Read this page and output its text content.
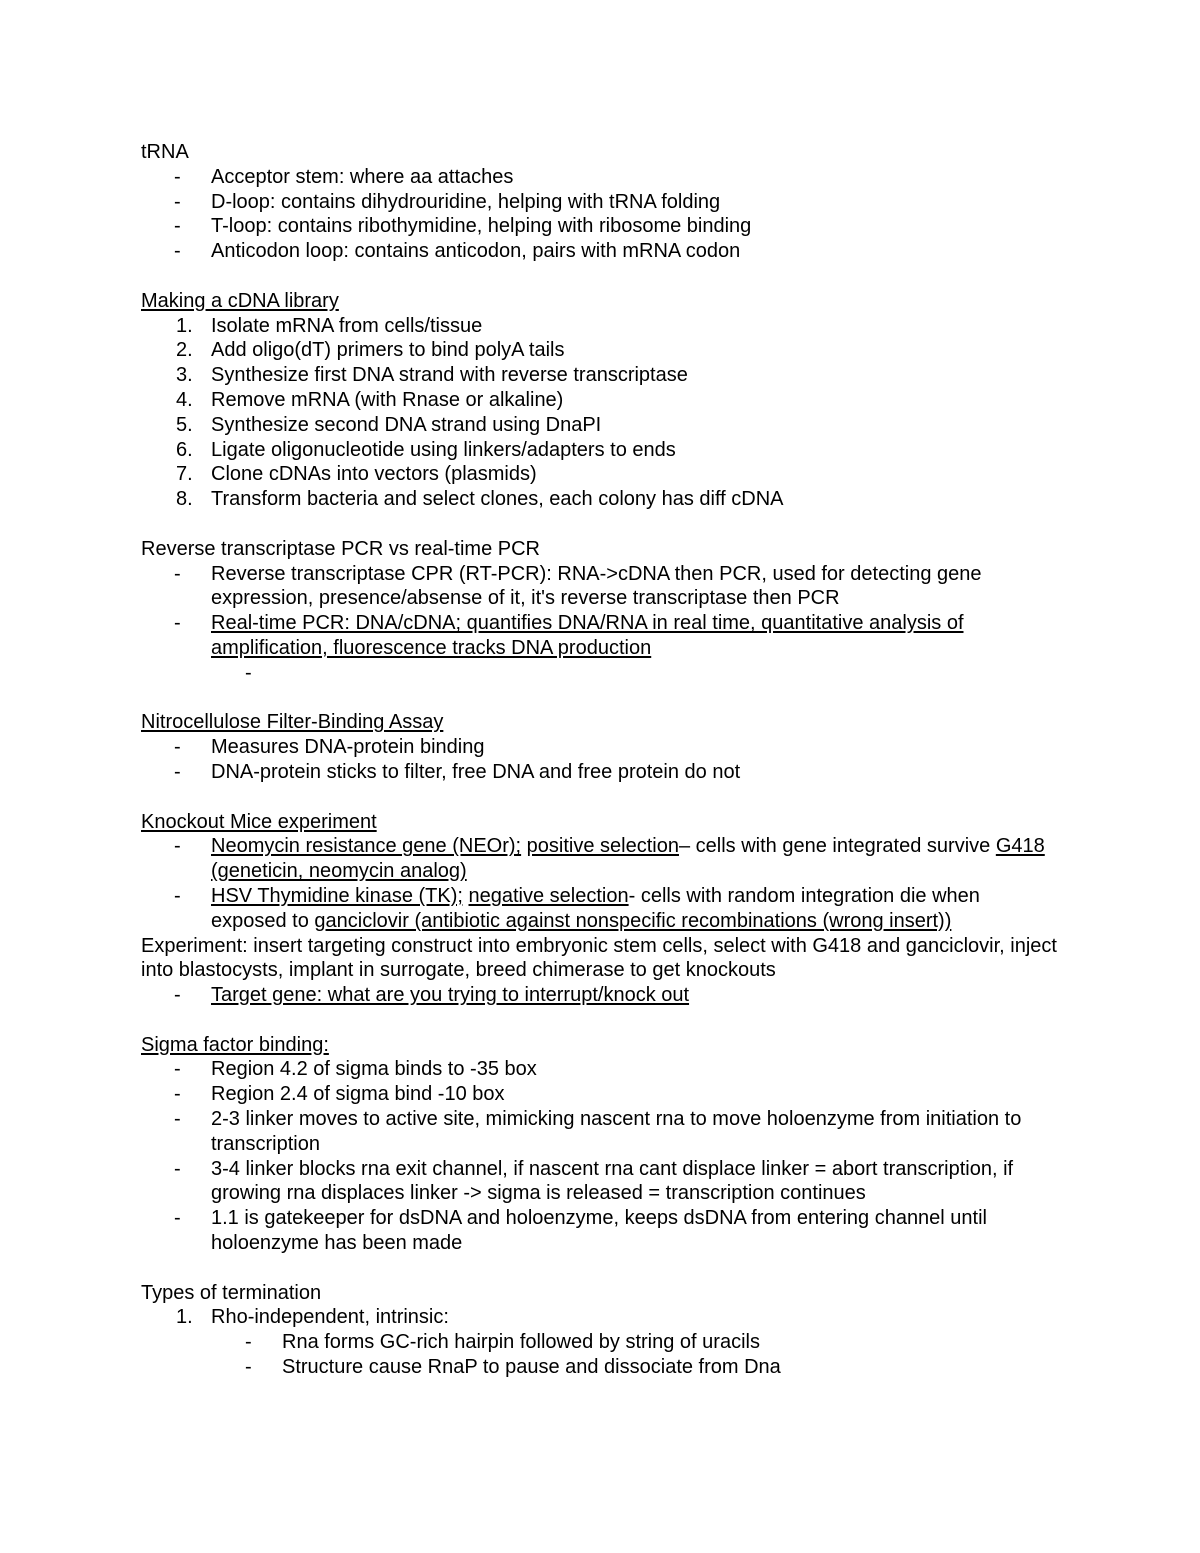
tRNA
- Acceptor stem: where aa attaches
- D-loop: contains dihydrouridine, helping with tRNA folding
- T-loop: contains ribothymidine, helping with ribosome binding
- Anticodon loop: contains anticodon, pairs with mRNA codon
Making a cDNA library
1. Isolate mRNA from cells/tissue
2. Add oligo(dT) primers to bind polyA tails
3. Synthesize first DNA strand with reverse transcriptase
4. Remove mRNA (with Rnase or alkaline)
5. Synthesize second DNA strand using DnaPI
6. Ligate oligonucleotide using linkers/adapters to ends
7. Clone cDNAs into vectors (plasmids)
8. Transform bacteria and select clones, each colony has diff cDNA
Reverse transcriptase PCR vs real-time PCR
- Reverse transcriptase CPR (RT-PCR): RNA->cDNA then PCR, used for detecting gene expression, presence/absense of it, it's reverse transcriptase then PCR
- Real-time PCR: DNA/cDNA; quantifies DNA/RNA in real time, quantitative analysis of amplification, fluorescence tracks DNA production
-
Nitrocellulose Filter-Binding Assay
- Measures DNA-protein binding
- DNA-protein sticks to filter, free DNA and free protein do not
Knockout Mice experiment
- Neomycin resistance gene (NEOr); positive selection– cells with gene integrated survive G418 (geneticin, neomycin analog)
- HSV Thymidine kinase (TK); negative selection- cells with random integration die when exposed to ganciclovir (antibiotic against nonspecific recombinations (wrong insert))
Experiment: insert targeting construct into embryonic stem cells, select with G418 and ganciclovir, inject into blastocysts, implant in surrogate, breed chimerase to get knockouts
- Target gene: what are you trying to interrupt/knock out
Sigma factor binding:
- Region 4.2 of sigma binds to -35 box
- Region 2.4 of sigma bind -10 box
- 2-3 linker moves to active site, mimicking nascent rna to move holoenzyme from initiation to transcription
- 3-4 linker blocks rna exit channel, if nascent rna cant displace linker = abort transcription, if growing rna displaces linker -> sigma is released = transcription continues
- 1.1 is gatekeeper for dsDNA and holoenzyme, keeps dsDNA from entering channel until holoenzyme has been made
Types of termination
1. Rho-independent, intrinsic:
- Rna forms GC-rich hairpin followed by string of uracils
- Structure cause RnaP to pause and dissociate from Dna
